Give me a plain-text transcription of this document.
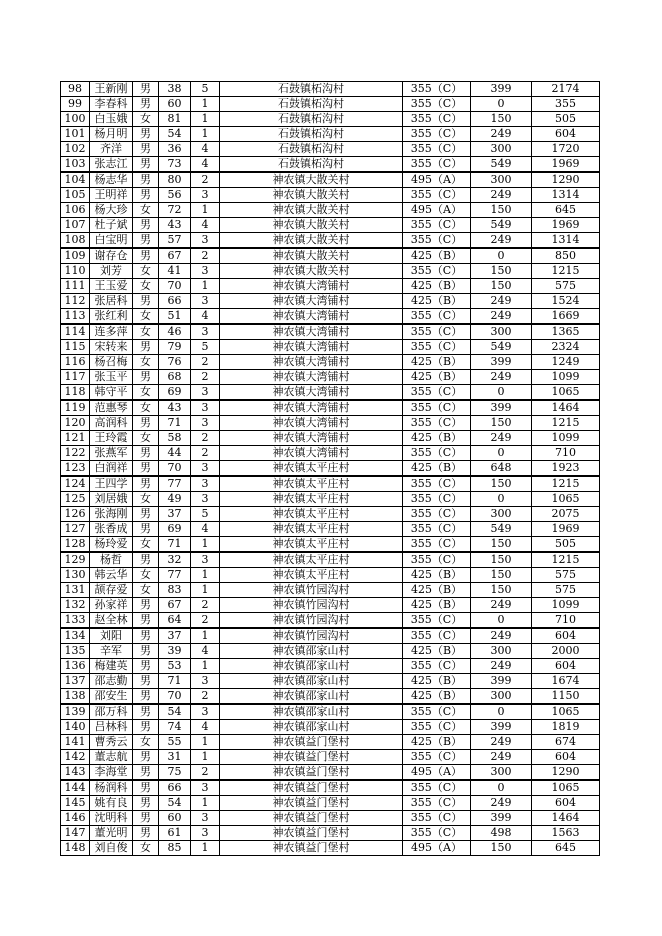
98	王新刚	男	38	5	石鼓镇柘沟村	355（C）	399	2174
99	李春科	男	60	1	石鼓镇柘沟村	355（C）	0	355
100	白玉娥	女	81	1	石鼓镇柘沟村	355（C）	150	505
101	杨月明	男	54	1	石鼓镇柘沟村	355（C）	249	604
102	齐洋	男	36	4	石鼓镇柘沟村	355（C）	300	1720
103	张志江	男	73	4	石鼓镇柘沟村	355（C）	549	1969
104	杨志华	男	80	2	神农镇大散关村	495（A）	300	1290
105	王明祥	男	56	3	神农镇大散关村	355（C）	249	1314
106	杨大珍	女	72	1	神农镇大散关村	495（A）	150	645
107	杜子斌	男	43	4	神农镇大散关村	355（C）	549	1969
108	白宝明	男	57	3	神农镇大散关村	355（C）	249	1314
109	谢存仓	男	67	2	神农镇大散关村	425（B）	0	850
110	刘芳	女	41	3	神农镇大散关村	355（C）	150	1215
111	王玉爱	女	70	1	神农镇大湾铺村	425（B）	150	575
112	张居科	男	66	3	神农镇大湾铺村	425（B）	249	1524
113	张红利	女	51	4	神农镇大湾铺村	355（C）	249	1669
114	连多萍	女	46	3	神农镇大湾铺村	355（C）	300	1365
115	宋转来	男	79	5	神农镇大湾铺村	355（C）	549	2324
116	杨召梅	女	76	2	神农镇大湾铺村	425（B）	399	1249
117	张玉平	男	68	2	神农镇大湾铺村	425（B）	249	1099
118	韩守平	女	69	3	神农镇大湾铺村	355（C）	0	1065
119	范惠琴	女	43	3	神农镇大湾铺村	355（C）	399	1464
120	高润科	男	71	3	神农镇大湾铺村	355（C）	150	1215
121	王玲霞	女	58	2	神农镇大湾铺村	425（B）	249	1099
122	张燕军	男	44	2	神农镇大湾铺村	355（C）	0	710
123	白润祥	男	70	3	神农镇太平庄村	425（B）	648	1923
124	王四学	男	77	3	神农镇太平庄村	355（C）	150	1215
125	刘居娥	女	49	3	神农镇太平庄村	355（C）	0	1065
126	张海刚	男	37	5	神农镇太平庄村	355（C）	300	2075
127	张香成	男	69	4	神农镇太平庄村	355（C）	549	1969
128	杨玲爱	女	71	1	神农镇太平庄村	355（C）	150	505
129	杨哲	男	32	3	神农镇太平庄村	355（C）	150	1215
130	韩云华	女	77	1	神农镇太平庄村	425（B）	150	575
131	颉存爱	女	83	1	神农镇竹园沟村	425（B）	150	575
132	孙家祥	男	67	2	神农镇竹园沟村	425（B）	249	1099
133	赵全林	男	64	2	神农镇竹园沟村	355（C）	0	710
134	刘阳	男	37	1	神农镇竹园沟村	355（C）	249	604
135	辛军	男	39	4	神农镇邵家山村	425（B）	300	2000
136	梅建英	男	53	1	神农镇邵家山村	355（C）	249	604
137	邵志勤	男	71	3	神农镇邵家山村	425（B）	399	1674
138	邵安生	男	70	2	神农镇邵家山村	425（B）	300	1150
139	邵万科	男	54	3	神农镇邵家山村	355（C）	0	1065
140	吕林科	男	74	4	神农镇邵家山村	355（C）	399	1819
141	曹秀云	女	55	1	神农镇益门堡村	425（B）	249	674
142	董志航	男	31	1	神农镇益门堡村	355（C）	249	604
143	李海堂	男	75	2	神农镇益门堡村	495（A）	300	1290
144	杨润科	男	66	3	神农镇益门堡村	355（C）	0	1065
145	姚有良	男	54	1	神农镇益门堡村	355（C）	249	604
146	沈明科	男	60	3	神农镇益门堡村	355（C）	399	1464
147	董光明	男	61	3	神农镇益门堡村	355（C）	498	1563
148	刘自俊	女	85	1	神农镇益门堡村	495（A）	150	645
